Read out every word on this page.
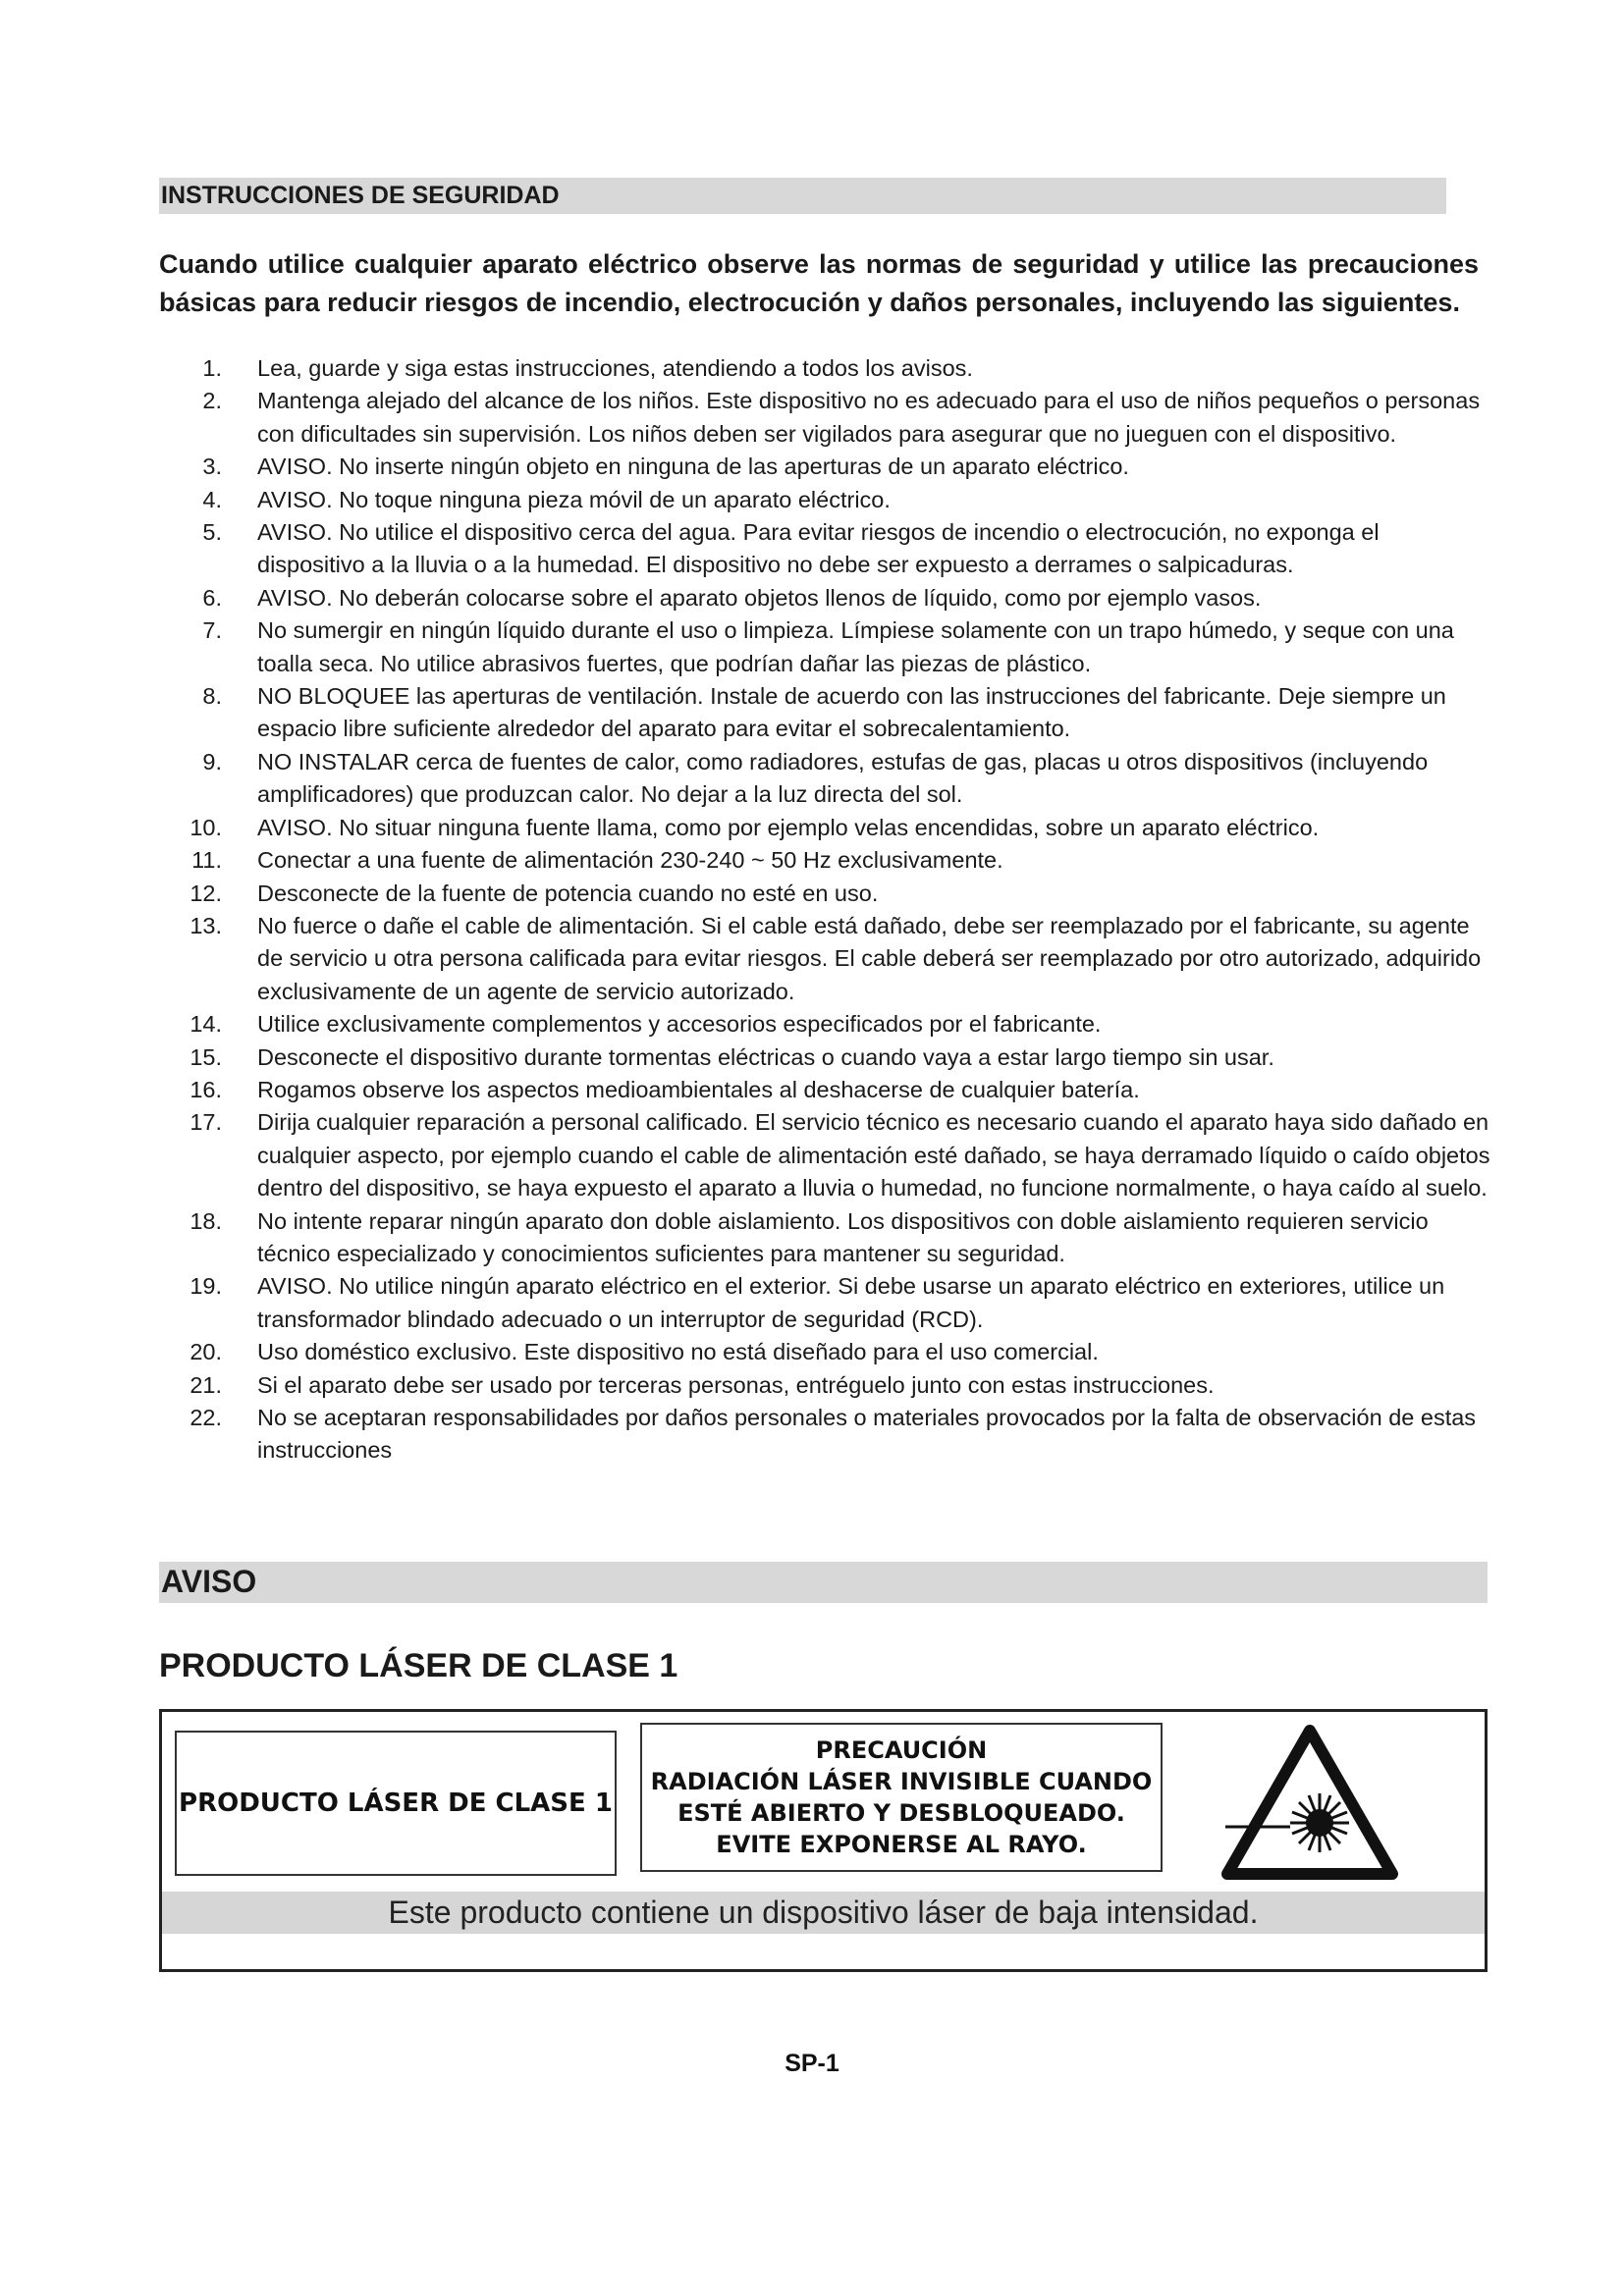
INSTRUCCIONES DE SEGURIDAD
Cuando utilice cualquier aparato eléctrico observe las normas de seguridad y utilice las precauciones básicas para reducir riesgos de incendio, electrocución y daños personales, incluyendo las siguientes.
1. Lea, guarde y siga estas instrucciones, atendiendo a todos los avisos.
2. Mantenga alejado del alcance de los niños. Este dispositivo no es adecuado para el uso de niños pequeños o personas con dificultades sin supervisión. Los niños deben ser vigilados para asegurar que no jueguen con el dispositivo.
3. AVISO. No inserte ningún objeto en ninguna de las aperturas de un aparato eléctrico.
4. AVISO. No toque ninguna pieza móvil de un aparato eléctrico.
5. AVISO. No utilice el dispositivo cerca del agua. Para evitar riesgos de incendio o electrocución, no exponga el dispositivo a la lluvia o a la humedad. El dispositivo no debe ser expuesto a derrames o salpicaduras.
6. AVISO. No deberán colocarse sobre el aparato objetos llenos de líquido, como por ejemplo vasos.
7. No sumergir en ningún líquido durante el uso o limpieza. Límpiese solamente con un trapo húmedo, y seque con una toalla seca. No utilice abrasivos fuertes, que podrían dañar las piezas de plástico.
8. NO BLOQUEE las aperturas de ventilación. Instale de acuerdo con las instrucciones del fabricante. Deje siempre un espacio libre suficiente alrededor del aparato para evitar el sobrecalentamiento.
9. NO INSTALAR cerca de fuentes de calor, como radiadores, estufas de gas, placas u otros dispositivos (incluyendo amplificadores) que produzcan calor. No dejar a la luz directa del sol.
10. AVISO. No situar ninguna fuente llama, como por ejemplo velas encendidas, sobre un aparato eléctrico.
11. Conectar a una fuente de alimentación 230-240 ~ 50 Hz exclusivamente.
12. Desconecte de la fuente de potencia cuando no esté en uso.
13. No fuerce o dañe el cable de alimentación. Si el cable está dañado, debe ser reemplazado por el fabricante, su agente de servicio u otra persona calificada para evitar riesgos. El cable deberá ser reemplazado por otro autorizado, adquirido exclusivamente de un agente de servicio autorizado.
14. Utilice exclusivamente complementos y accesorios especificados por el fabricante.
15. Desconecte el dispositivo durante tormentas eléctricas o cuando vaya a estar largo tiempo sin usar.
16. Rogamos observe los aspectos medioambientales al deshacerse de cualquier batería.
17. Dirija cualquier reparación a personal calificado. El servicio técnico es necesario cuando el aparato haya sido dañado en cualquier aspecto, por ejemplo cuando el cable de alimentación esté dañado, se haya derramado líquido o caído objetos dentro del dispositivo, se haya expuesto el aparato a lluvia o humedad, no funcione normalmente, o haya caído al suelo.
18. No intente reparar ningún aparato don doble aislamiento. Los dispositivos con doble aislamiento requieren servicio técnico especializado y conocimientos suficientes para mantener su seguridad.
19. AVISO. No utilice ningún aparato eléctrico en el exterior. Si debe usarse un aparato eléctrico en exteriores, utilice un transformador blindado adecuado o un interruptor de seguridad (RCD).
20. Uso doméstico exclusivo. Este dispositivo no está diseñado para el uso comercial.
21. Si el aparato debe ser usado por terceras personas, entréguelo junto con estas instrucciones.
22. No se aceptaran responsabilidades por daños personales o materiales provocados por la falta de observación de estas instrucciones
AVISO
PRODUCTO LÁSER DE CLASE 1
PRODUCTO LÁSER DE CLASE 1
PRECAUCIÓN
RADIACIÓN LÁSER INVISIBLE CUANDO
ESTÉ ABIERTO Y DESBLOQUEADO.
EVITE EXPONERSE AL RAYO.
Este producto contiene un dispositivo láser de baja intensidad.
SP-1
